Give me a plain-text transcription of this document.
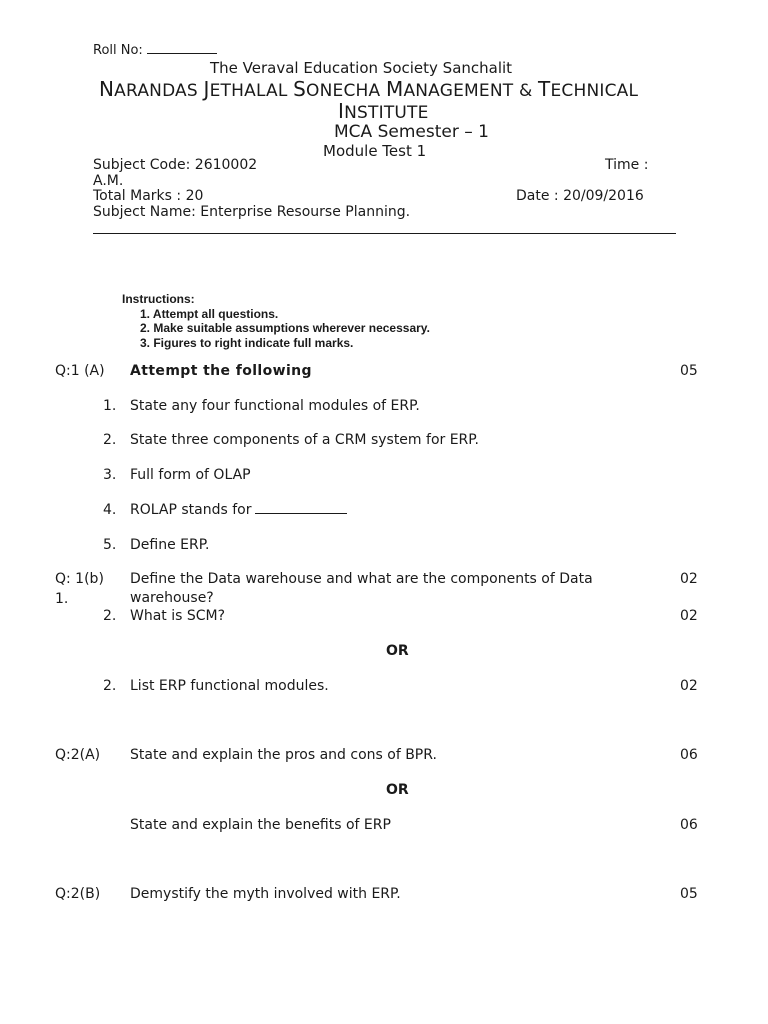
Roll No:
The Veraval Education Society Sanchalit
NARANDAS JETHALAL SONECHA MANAGEMENT & TECHNICAL
INSTITUTE
MCA Semester – 1
Module Test 1
Subject Code: 2610002	Time :
A.M.
Total Marks : 20	Date : 20/09/2016
Subject Name: Enterprise Resourse Planning.
Instructions:
1. Attempt all questions.
2. Make suitable assumptions wherever necessary.
3. Figures to right indicate full marks.
Q:1 (A) Attempt the following	05
1. State any four functional modules of ERP.
2. State three components of a CRM system for ERP.
3. Full form of OLAP
4. ROLAP stands for
5. Define ERP.
Q: 1(b) Define the Data warehouse and what are the components of Data	02
1.	warehouse?
2. What is SCM?	02
OR
2. List ERP functional modules.	02
Q:2(A) State and explain the pros and cons of BPR.	06
OR
State and explain the benefits of ERP	06
Q:2(B) Demystify the myth involved with ERP.	05
